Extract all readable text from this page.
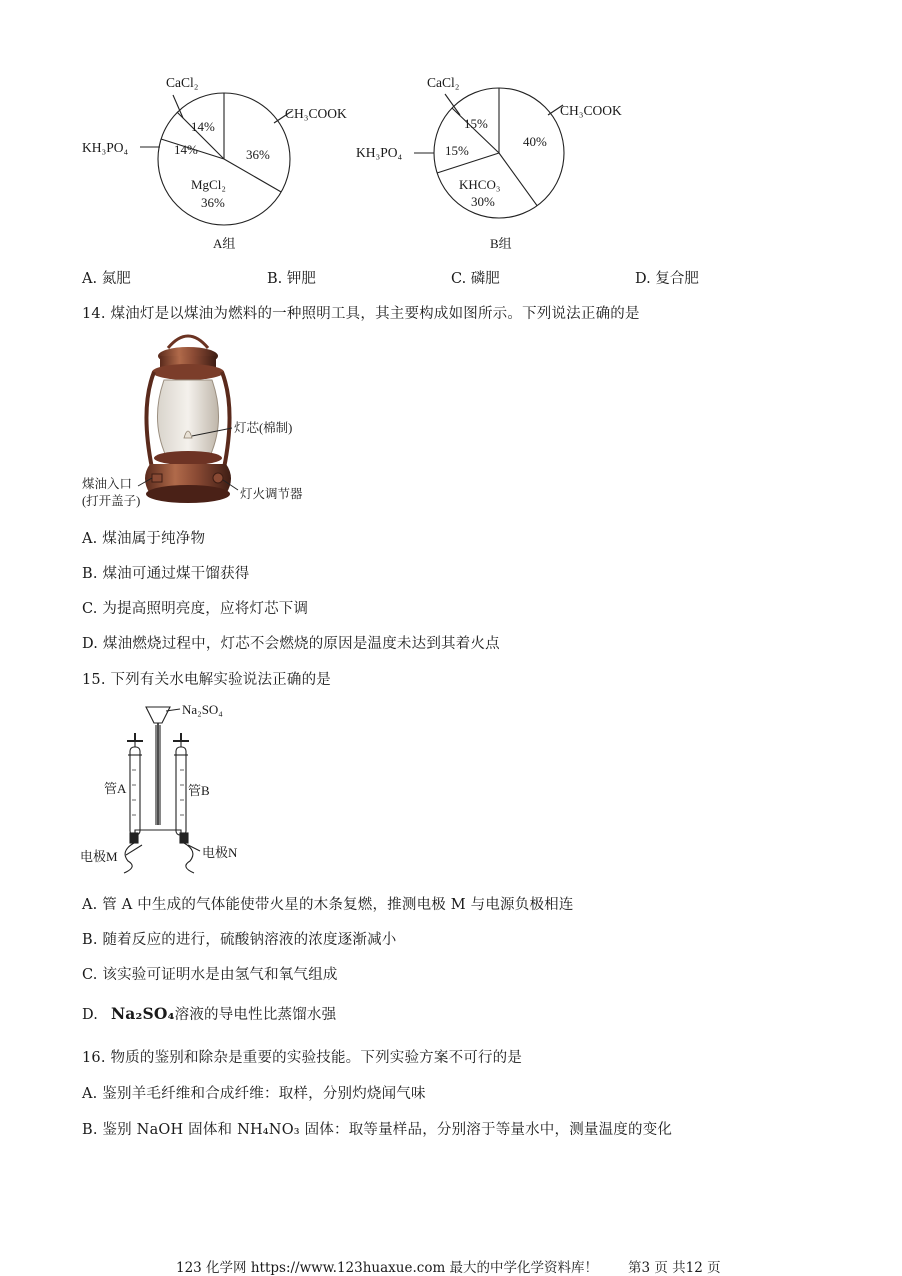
CaCl₂
CH₃COOK
KH₃PO₄	36%
14%
14%
MgCl₂
36%
A组
CaCl₂
CH₃COOK
KH₃PO₄
40%
15%
15%
KHCO₃
30%
B组
A. 氮肥	B. 钾肥	C. 磷肥	D. 复合肥
14. 煤油灯是以煤油为燃料的一种照明工具，其主要构成如图所示。下列说法正确的是
灯芯(棉制)
煤油入口
(打开盖子)	灯火调节器
A. 煤油属于纯净物
B. 煤油可通过煤干馏获得
C. 为提高照明亮度，应将灯芯下调
D. 煤油燃烧过程中，灯芯不会燃烧的原因是温度未达到其着火点
15. 下列有关水电解实验说法正确的是
Na₂SO₄
管A	管B
电极M	电极N
A. 管 A 中生成的气体能使带火星的木条复燃，推测电极 M 与电源负极相连
B. 随着反应的进行，硫酸钠溶液的浓度逐渐减小
C. 该实验可证明水是由氢气和氧气组成
D. Na₂SO₄溶液的导电性比蒸馏水强
16. 物质的鉴别和除杂是重要的实验技能。下列实验方案不可行的是
A. 鉴别羊毛纤维和合成纤维：取样，分别灼烧闻气味
B. 鉴别 NaOH 固体和 NH₄NO₃ 固体：取等量样品，分别溶于等量水中，测量温度的变化
123 化学网 https://www.123huaxue.com 最大的中学化学资料库！ 第3 页 共12 页
